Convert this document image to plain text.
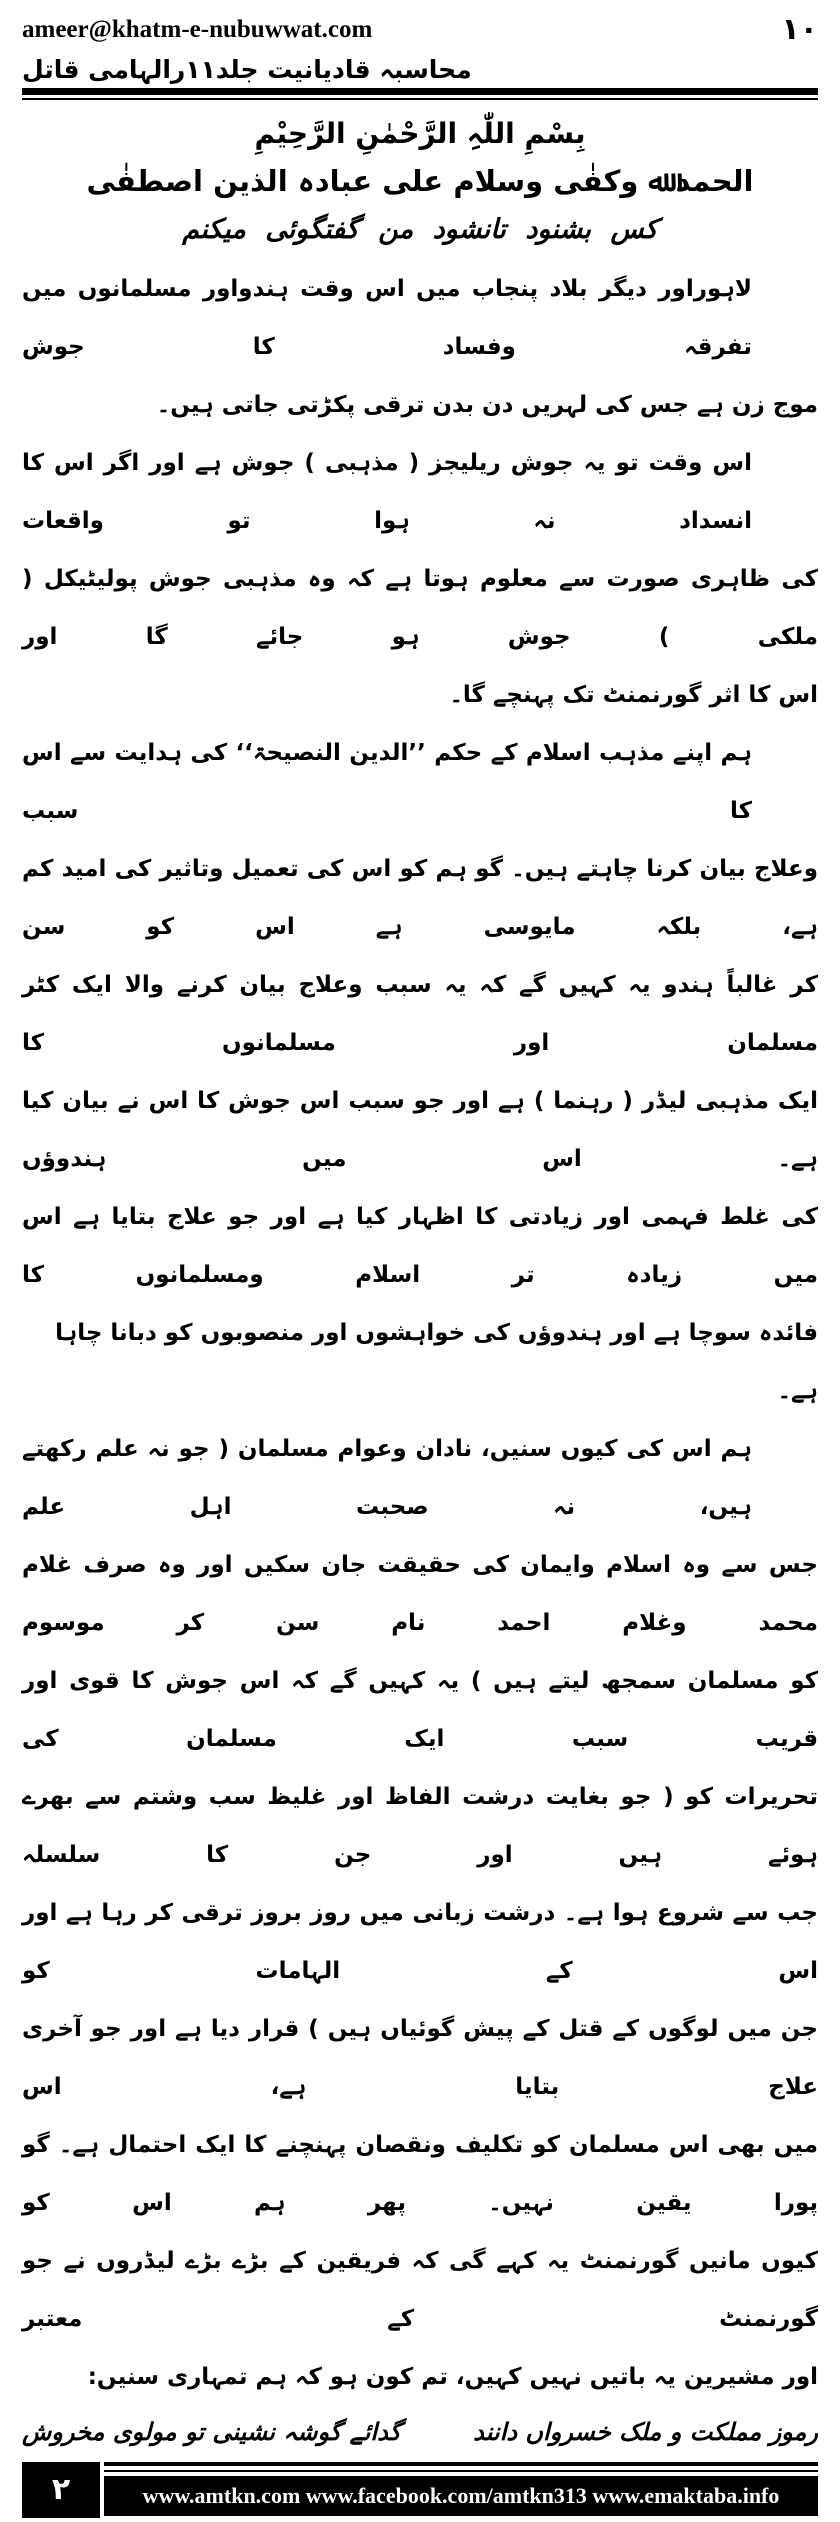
ameer@khatm-e-nubuwwat.com	۱۰
محاسبہ قادیانیت جلد۱۱رالہامی قاتل
بِسْمِ اللّٰہِ الرَّحْمٰنِ الرَّحِیْمِ
الحمد ﷲ وکفٰی وسلام علی عبادہ الذین اصطفٰی
کس بشنود تانشود من گفتگوئی میکنم
لاہوراور دیگر بلاد پنجاب میں اس وقت ہندواور مسلمانوں میں تفرقہ وفساد کا جوش
موج زن ہے جس کی لہریں دن بدن ترقی پکڑتی جاتی ہیں۔
اس وقت تو یہ جوش ریلیجز ( مذہبی ) جوش ہے اور اگر اس کا انسداد نہ ہوا تو واقعات
کی ظاہری صورت سے معلوم ہوتا ہے کہ وہ مذہبی جوش پولیٹیکل ( ملکی ) جوش ہو جائے گا اور
اس کا اثر گورنمنٹ تک پہنچے گا۔
ہم اپنے مذہب اسلام کے حکم ’’الدین النصیحۃ‘‘ کی ہدایت سے اس کا سبب
وعلاج بیان کرنا چاہتے ہیں۔ گو ہم کو اس کی تعمیل وتاثیر کی امید کم ہے، بلکہ مایوسی ہے اس کو سن
کر غالباً ہندو یہ کہیں گے کہ یہ سبب وعلاج بیان کرنے والا ایک کٹر مسلمان اور مسلمانوں کا
ایک مذہبی لیڈر ( رہنما ) ہے اور جو سبب اس جوش کا اس نے بیان کیا ہے۔ اس میں ہندوؤں
کی غلط فہمی اور زیادتی کا اظہار کیا ہے اور جو علاج بتایا ہے اس میں زیادہ تر اسلام ومسلمانوں کا
فائدہ سوچا ہے اور ہندوؤں کی خواہشوں اور منصوبوں کو دبانا چاہا ہے۔
ہم اس کی کیوں سنیں، نادان وعوام مسلمان ( جو نہ علم رکھتے ہیں، نہ صحبت اہل علم
جس سے وہ اسلام وایمان کی حقیقت جان سکیں اور وہ صرف غلام محمد وغلام احمد نام سن کر موسوم
کو مسلمان سمجھ لیتے ہیں ) یہ کہیں گے کہ اس جوش کا قوی اور قریب سبب ایک مسلمان کی
تحریرات کو ( جو بغایت درشت الفاظ اور غلیظ سب وشتم سے بھرے ہوئے ہیں اور جن کا سلسلہ
جب سے شروع ہوا ہے۔ درشت زبانی میں روز بروز ترقی کر رہا ہے اور اس کے الہامات کو
جن میں لوگوں کے قتل کے پیش گوئیاں ہیں ) قرار دیا ہے اور جو آخری علاج بتایا ہے، اس
میں بھی اس مسلمان کو تکلیف ونقصان پہنچنے کا ایک احتمال ہے۔ گو پورا یقین نہیں۔ پھر ہم اس کو
کیوں مانیں گورنمنٹ یہ کہے گی کہ فریقین کے بڑے بڑے لیڈروں نے جو گورنمنٹ کے معتبر
اور مشیرین یہ باتیں نہیں کہیں، تم کون ہو کہ ہم تمہاری سنیں:
رموز مملکت و ملک خسرواں دانند
گدائے گوشہ نشینی تو مولوی مخروش
۲	www.amtkn.com www.facebook.com/amtkn313 www.emaktaba.info
